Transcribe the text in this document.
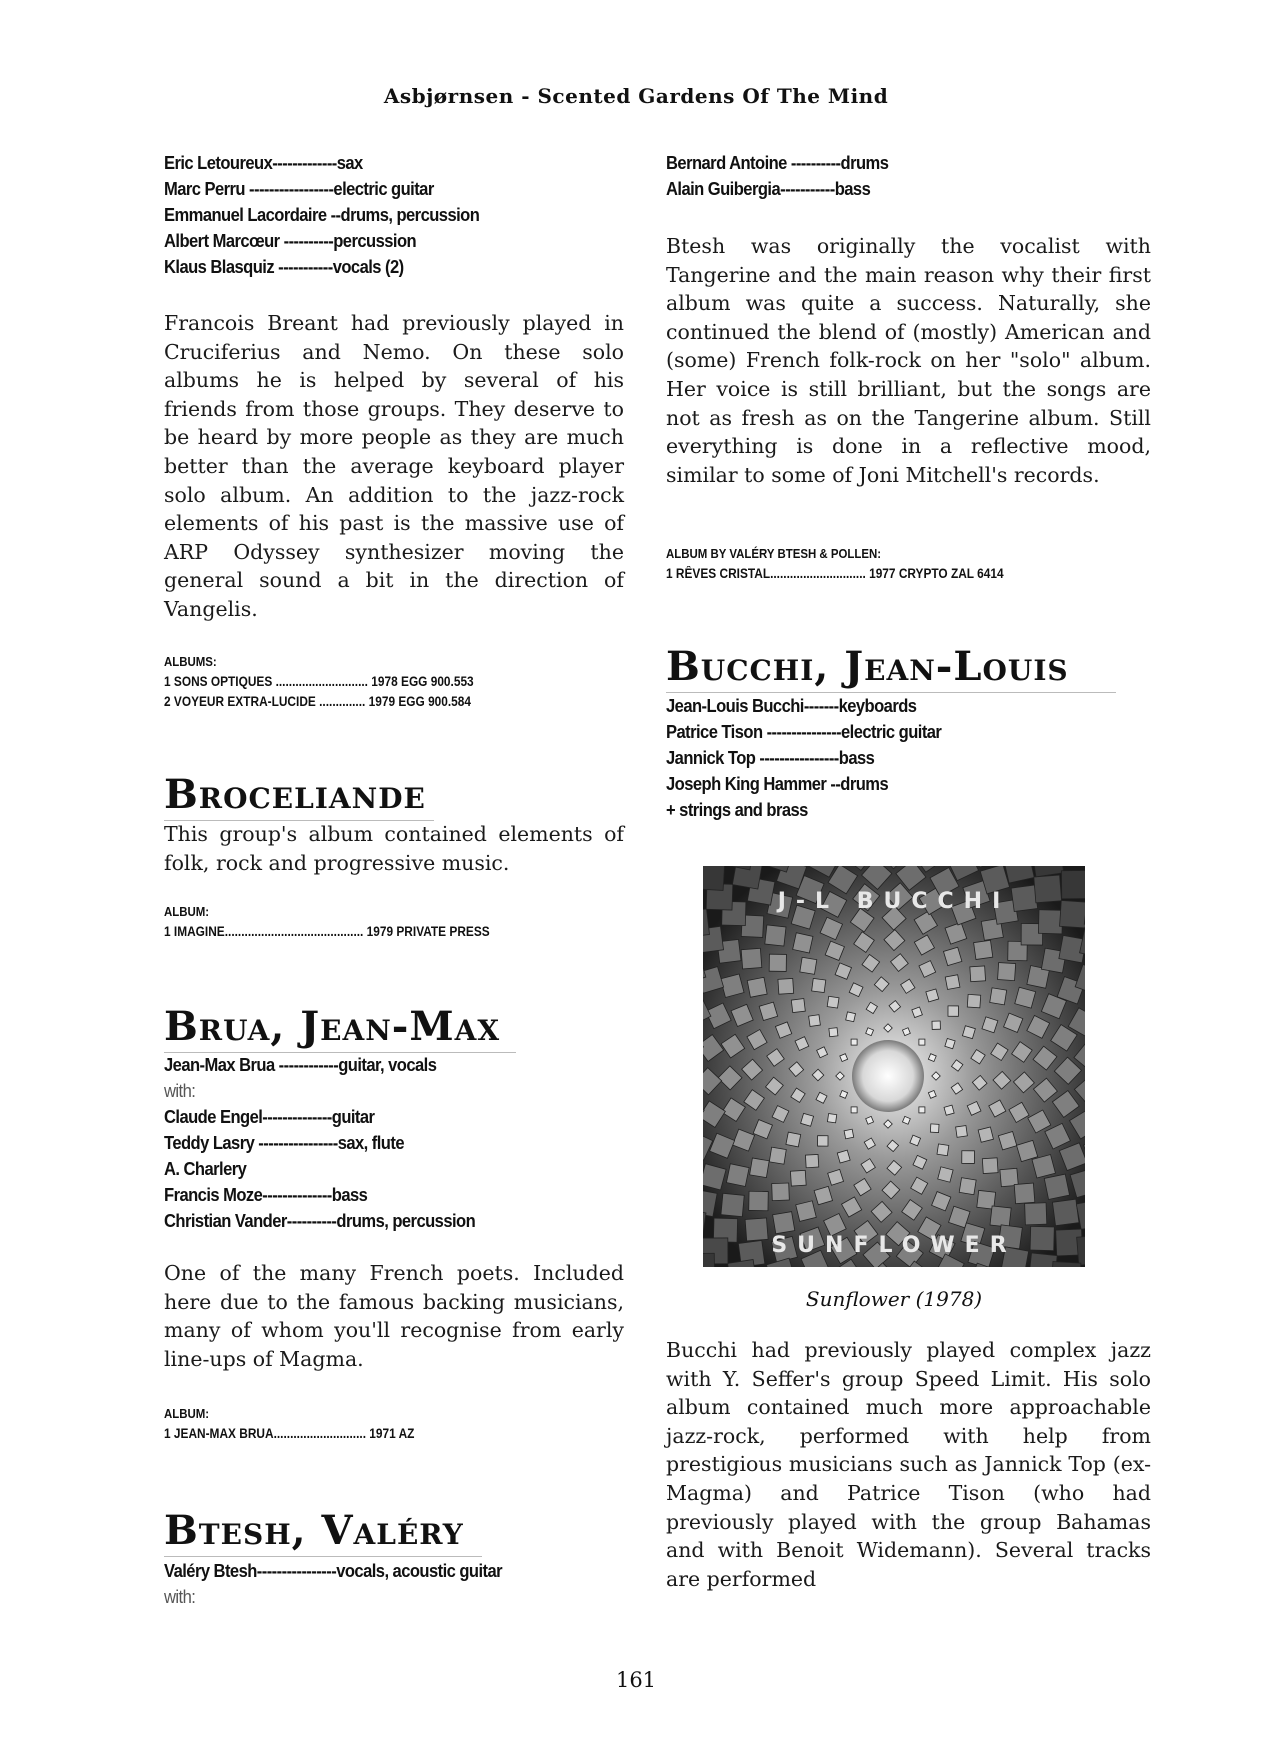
Asbjørnsen - Scented Gardens Of The Mind
Eric Letoureux-------------sax
Marc Perru -----------------electric guitar
Emmanuel Lacordaire --drums, percussion
Albert Marcœur ----------percussion
Klaus Blasquiz -----------vocals (2)
Francois Breant had previously played in Cruciferius and Nemo. On these solo albums he is helped by several of his friends from those groups. They deserve to be heard by more people as they are much better than the average keyboard player solo album. An addition to the jazz-rock elements of his past is the massive use of ARP Odyssey synthesizer moving the general sound a bit in the direction of Vangelis.
ALBUMS:
1 SONS OPTIQUES ............................ 1978 EGG 900.553
2 VOYEUR EXTRA-LUCIDE .............. 1979 EGG 900.584
Broceliande
This group's album contained elements of folk, rock and progressive music.
ALBUM:
1 IMAGINE.......................................... 1979 PRIVATE PRESS
Brua, Jean-Max
Jean-Max Brua ------------guitar, vocals
with:
Claude Engel--------------guitar
Teddy Lasry ----------------sax, flute
A. Charlery
Francis Moze--------------bass
Christian Vander----------drums, percussion
One of the many French poets. Included here due to the famous backing musicians, many of whom you'll recognise from early line-ups of Magma.
ALBUM:
1 JEAN-MAX BRUA............................ 1971 AZ
Btesh, Valéry
Valéry Btesh----------------vocals, acoustic guitar
with:
Bernard Antoine ----------drums
Alain Guibergia-----------bass
Btesh was originally the vocalist with Tangerine and the main reason why their first album was quite a success. Naturally, she continued the blend of (mostly) American and (some) French folk-rock on her "solo" album. Her voice is still brilliant, but the songs are not as fresh as on the Tangerine album. Still everything is done in a reflective mood, similar to some of Joni Mitchell's records.
ALBUM BY VALÉRY BTESH & POLLEN:
1 RÊVES CRISTAL............................. 1977 CRYPTO ZAL 6414
Bucchi, Jean-Louis
Jean-Louis Bucchi-------keyboards
Patrice Tison ---------------electric guitar
Jannick Top ----------------bass
Joseph King Hammer --drums
+ strings and brass
J-L BUCCHI
SUNFLOWER
Sunflower (1978)
Bucchi had previously played complex jazz with Y. Seffer's group Speed Limit. His solo album contained much more approachable jazz-rock, performed with help from prestigious musicians such as Jannick Top (ex-Magma) and Patrice Tison (who had previously played with the group Bahamas and with Benoit Widemann). Several tracks are performed
161
